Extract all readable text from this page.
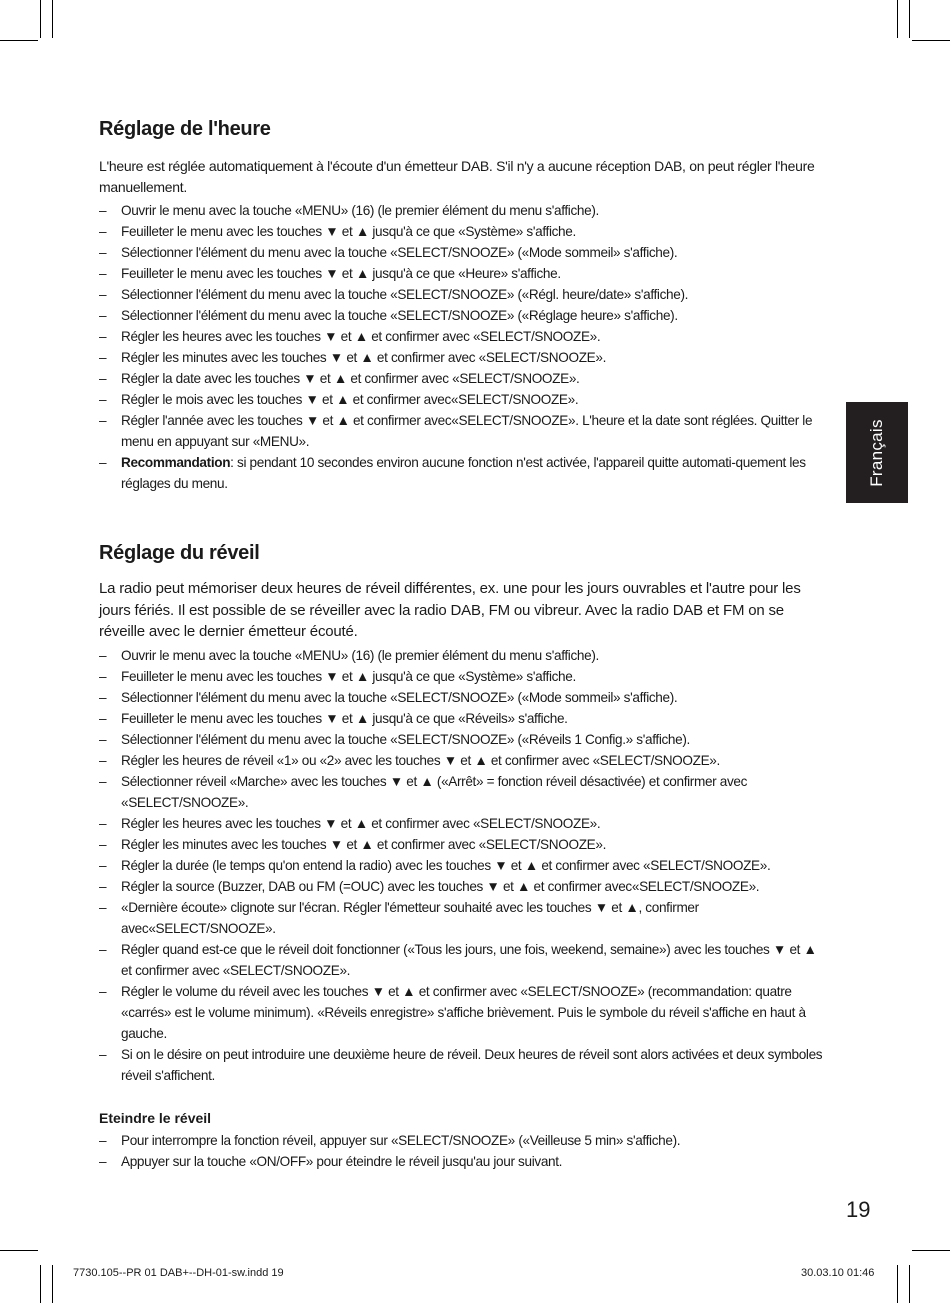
Réglage de l'heure

L'heure est réglée automatiquement à l'écoute d'un émetteur DAB. S'il n'y a aucune réception DAB, on peut régler l'heure manuellement.

– Ouvrir le menu avec la touche «MENU» (16) (le premier élément du menu s'affiche).
– Feuilleter le menu avec les touches ▼ et ▲ jusqu'à ce que «Système» s'affiche.
– Sélectionner l'élément du menu avec la touche «SELECT/SNOOZE» («Mode sommeil» s'affiche).
– Feuilleter le menu avec les touches ▼ et ▲ jusqu'à ce que «Heure» s'affiche.
– Sélectionner l'élément du menu avec la touche «SELECT/SNOOZE» («Régl. heure/date» s'affiche).
– Sélectionner l'élément du menu avec la touche «SELECT/SNOOZE» («Réglage heure» s'affiche).
– Régler les heures avec les touches ▼ et ▲ et confirmer avec «SELECT/SNOOZE».
– Régler les minutes avec les touches ▼ et ▲ et confirmer avec «SELECT/SNOOZE».
– Régler la date avec les touches ▼ et ▲ et confirmer avec «SELECT/SNOOZE».
– Régler le mois avec les touches ▼ et ▲ et confirmer avec«SELECT/SNOOZE».
– Régler l'année avec les touches ▼ et ▲ et confirmer avec«SELECT/SNOOZE». L'heure et la date sont réglées. Quitter le menu en appuyant sur «MENU».
– Recommandation: si pendant 10 secondes environ aucune fonction n'est activée, l'appareil quitte automati-quement les réglages du menu.
Réglage du réveil

La radio peut mémoriser deux heures de réveil différentes, ex. une pour les jours ouvrables et l'autre pour les jours fériés. Il est possible de se réveiller avec la radio DAB, FM ou vibreur. Avec la radio DAB et FM on se réveille avec le dernier émetteur écouté.

– Ouvrir le menu avec la touche «MENU» (16) (le premier élément du menu s'affiche).
– Feuilleter le menu avec les touches ▼ et ▲ jusqu'à ce que «Système» s'affiche.
– Sélectionner l'élément du menu avec la touche «SELECT/SNOOZE» («Mode sommeil» s'affiche).
– Feuilleter le menu avec les touches ▼ et ▲ jusqu'à ce que «Réveils» s'affiche.
– Sélectionner l'élément du menu avec la touche «SELECT/SNOOZE» («Réveils 1 Config.» s'affiche).
– Régler les heures de réveil «1» ou «2» avec les touches ▼ et ▲ et confirmer avec «SELECT/SNOOZE».
– Sélectionner réveil «Marche» avec les touches ▼ et ▲ («Arrêt» = fonction réveil désactivée) et confirmer avec «SELECT/SNOOZE».
– Régler les heures avec les touches ▼ et ▲ et confirmer avec «SELECT/SNOOZE».
– Régler les minutes avec les touches ▼ et ▲ et confirmer avec «SELECT/SNOOZE».
– Régler la durée (le temps qu'on entend la radio) avec les touches ▼ et ▲ et confirmer avec «SELECT/SNOOZE».
– Régler la source (Buzzer, DAB ou FM (=OUC) avec les touches ▼ et ▲ et confirmer avec«SELECT/SNOOZE».
– «Dernière écoute» clignote sur l'écran. Régler l'émetteur souhaité avec les touches ▼ et ▲, confirmer avec«SELECT/SNOOZE».
– Régler quand est-ce que le réveil doit fonctionner («Tous les jours, une fois, weekend, semaine») avec les touches ▼ et ▲ et confirmer avec «SELECT/SNOOZE».
– Régler le volume du réveil avec les touches ▼ et ▲ et confirmer avec «SELECT/SNOOZE» (recommandation: quatre «carrés» est le volume minimum). «Réveils enregistre» s'affiche brièvement. Puis le symbole du réveil s'affiche en haut à gauche.
– Si on le désire on peut introduire une deuxième heure de réveil. Deux heures de réveil sont alors activées et deux symboles réveil s'affichent.
Eteindre le réveil
– Pour interrompre la fonction réveil, appuyer sur «SELECT/SNOOZE» («Veilleuse 5 min» s'affiche).
– Appuyer sur la touche «ON/OFF» pour éteindre le réveil jusqu'au jour suivant.
Français
19
7730.105--PR 01 DAB+--DH-01-sw.indd 19	30.03.10 01:46
